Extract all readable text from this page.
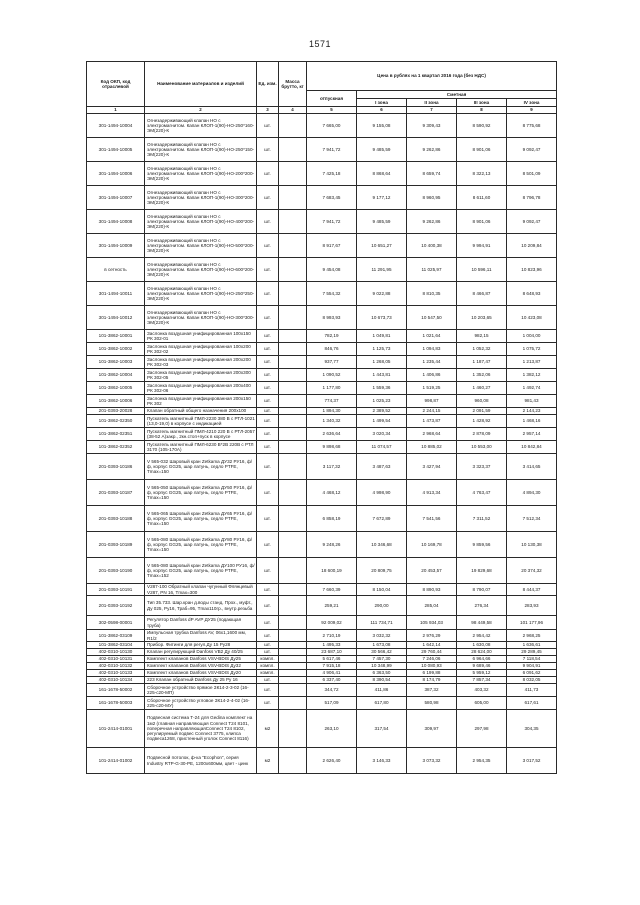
1571
Код ОКП, код отраслевой	Наименование материалов и изделий	Ед. изм.	Масса брутто, кг	Цена в рублях на 1 квартал 2016 года (без НДС)				
				отпускная	Сметная			
					I зона	II зона	III зона	IV зона
1	2	3	4	5	6	7	8	9
301-1494-10004	Огнезадерживающий клапан НО с электромагнитом. Капан КЛОП-1(90)-НО-250*160-ЭМ(220)-К	шт.		7 665,00	9 155,08	9 309,43	8 590,92	8 775,68
301-1494-10005	Огнезадерживающий клапан НО с электромагнитом. Капан КЛОП-1(90)-НО-250*150-ЭМ(220)-К	шт.		7 941,72	9 485,59	9 262,86	8 901,06	9 092,47
301-1494-10006	Огнезадерживающий клапан НО с электромагнитом. Капан КЛОП-1(90)-НО-200*200-ЭМ(220)-К	шт.		7 425,18	8 868,64	8 659,74	8 322,13	8 501,09
301-1494-10007	Огнезадерживающий клапан НО с электромагнитом. Капан КЛОП-1(90)-НО-300*200-ЭМ(220)-К	шт.		7 683,45	9 177,12	8 960,95	8 611,60	8 796,78
301-1494-10008	Огнезадерживающий клапан НО с электромагнитом. Капан КЛОП-1(90)-НО-400*200-ЭМ(220)-К	шт.		7 941,72	9 485,59	9 262,86	8 901,06	9 092,47
301-1494-10009	Огнезадерживающий клапан НО с электромагнитом. Капан КЛОП-1(90)-НО-500*200-ЭМ(220)-К	шт.		8 917,67	10 651,27	10 400,38	9 994,91	10 209,84
в сетность	Огнезадерживающий клапан НО с электромагнитом. Капан КЛОП-1(90)-НО-600*200-ЭМ(220)-К	шт.		9 454,08	11 291,95	11 025,97	10 596,11	10 823,96
301-1494-10011	Огнезадерживающий клапан НО с электромагнитом. Капан КЛОП-1(90)-НО-250*250-ЭМ(220)-К	шт.		7 554,32	9 022,88	8 810,35	8 466,87	8 648,93
301-1494-10012	Огнезадерживающий клапан НО с электромагнитом. Капан КЛОП-1(90)-НО-300*300-ЭМ(220)-К	шт.		8 993,93	10 673,73	10 547,50	10 203,65	10 423,08
101-3862-10001	Заслонка воздушная унифицированная 100х150 РК 302-01	шт.		782,19	1 049,81	1 021,64	982,15	1 004,00
101-3862-10002	Заслонка воздушная унифицированная 100х200 РК 302-02	шт.		846,76	1 125,73	1 094,83	1 052,32	1 075,72
101-3862-10003	Заслонка воздушная унифицированная 200х200 РК 302-03	шт.		937,77	1 268,05	1 235,44	1 187,47	1 213,87
101-3862-10004	Заслонка воздушная унифицированная 200х300 РК 302-05	шт.		1 090,52	1 443,81	1 406,86	1 352,06	1 382,12
101-3862-10005	Заслонка воздушная унифицированная 200х400 РК 302-06	шт.		1 177,80	1 559,36	1 519,25	1 460,27	1 492,74
101-3862-10006	Заслонка воздушная унифицированная 200х150 РК 302	шт.		774,37	1 025,23	998,87	960,08	981,43
201-0393-20028	Клапан обратный общего назначения 200х100	шт.		1 894,30	2 389,52	2 244,15	2 091,59	2 144,23
101-3862-02350	Пускатель магнитный ПМЛ-2230 380 В с РТЛ-1021 (13,0-19,0) в корпусе с индикацией	шт.		1 340,32	1 499,54	1 473,87	1 428,92	1 468,16
101-3862-02351	Пускатель магнитный ПМЛ-4210 220 В с РТЛ-2057 (38-52 А)закр., 2кн.стоп+пуск в корпусе	шт.		2 636,64	3 020,34	2 968,64	2 878,09	2 957,14
101-3862-02352	Пускатель магнитный ПМЛ-6230 В*2В 220В с РТЛ 3170 (105-170А)	шт.		9 898,68	11 074,57	10 885,02	10 553,00	10 842,84
201-0393-10186	V 565-032 Шаровый кран Zetkama ДУ32 РУ16, ф/ф, корпус GG25, шар латунь, седло PTFE, Tmax=150	шт.		3 117,32	3 487,63	3 427,94	3 323,37	3 414,65
201-0393-10187	V 565-050 Шаровый кран Zetkama ДУ50 РУ16, ф/ф, корпус GG25, шар латунь, седло PTFE, Tmax=150	шт.		4 468,12	4 998,90	4 913,34	4 763,47	4 894,30
201-0393-10188	V 565-065 Шаровый кран Zetkama ДУ65 РУ16, ф/ф, корпус GG25, шар латунь, седло PTFE, Tmax=150	шт.		6 858,19	7 672,89	7 541,56	7 311,52	7 512,34
201-0393-10189	V 565-080 Шаровый кран Zetkama ДУ80 РУ16, ф/ф, корпус GG25, шар латунь, седло PTFE, Tmax=150	шт.		9 248,26	10 346,68	10 169,78	9 859,56	10 130,38
201-0393-10190	V 565-080 Шаровый кран Zetkama ДУ100 РУ16, ф/ф, корпус GG25, шар латунь, седло PTFE, Tmax=152	шт.		18 600,19	20 809,75	20 453,57	19 829,68	20 374,32
201-0393-10191	V287-100 Обратный клапан чугунный Флянцевый V287, PN 16, Tmax=300	шт.		7 660,39	8 150,04	8 890,93	8 790,07	8 444,37
201-0393-10192	Тип 35.733. Шар.кран д.воды станд. Прох., муфт., Ду 025, Ру16, Траб=95, Tmax110гр., внутр.резьба	шт.		259,21	290,00	285,04	276,34	283,93
302-0598-00001	Регулятор Danfoss dP AVP ДУ25 (подающая труба)	шт.		92 009,02	111 734,71	105 934,03	98 449,58	101 177,96
101-3862-03109	Импульсная трубка Danfoss AV, 06х1,1600 мм, R1/2	шт.		2 710,19	3 032,32	2 976,29	2 954,42	2 968,25
101-3862-03104	Прибор. Фитинги для регул.Ду 15 Ру28	шт.		1 495,33	1 673,08	1 642,14	1 630,08	1 636,61
402-0310-10130	Клапан регулирующий Danfoss VB2 Ду 40/25	шт.		23 687,10	30 566,42	29 760,44	28 624,00	29 289,45
402-0310-10131	Комплект клапанов Danfoss VSV-BDIS Ду25	компл.		5 617,46	7 457,30	7 246,06	6 964,66	7 118,54
402-0310-10132	Комплект клапанов Danfoss VSV-BDIS Ду32	компл.		7 915,18	10 348,99	10 080,93	9 689,46	9 904,91
402-0310-10133	Комплект клапанов Danfoss VSV-BDIS Ду20	компл.		4 906,41	6 363,50	6 199,88	5 959,12	6 091,62
402-0310-10134	223 Клапан обратный Danfoss Ду 25 Ру 16	шт.		6 337,40	8 390,54	8 174,79	7 857,34	8 032,05
161-1678-50002	Сборочное устройство прямое ЗК14-2-3-02 (16-225-с20-МП)	шт.		344,72	411,86	387,32	403,32	411,73
161-1678-50003	Сборочное устройство угловое ЗК14-2-4-02 (16-225-с20-МУ)	шт.		517,09	617,80	580,98	605,00	617,61
101-2414-01001	Подвесная система Т-24 для Gedina комплект на 1м2 (главная направляющая Connect Т24 8101, поперечная направляющаяConnect Т24 8102, регулируемый подвес Connect 3775, клипса подвеса1268, пристенный уголок Connect 8116)	м2		263,10	317,54	309,97	297,98	304,35
101-2414-01002	Подвесной потолок, ф-ка "Ecophon", серия Industry RTP-G-30-PE, 1200х600мм, цвет - цинк	м2		2 626,40	3 146,33	3 073,32	2 954,35	3 017,52
